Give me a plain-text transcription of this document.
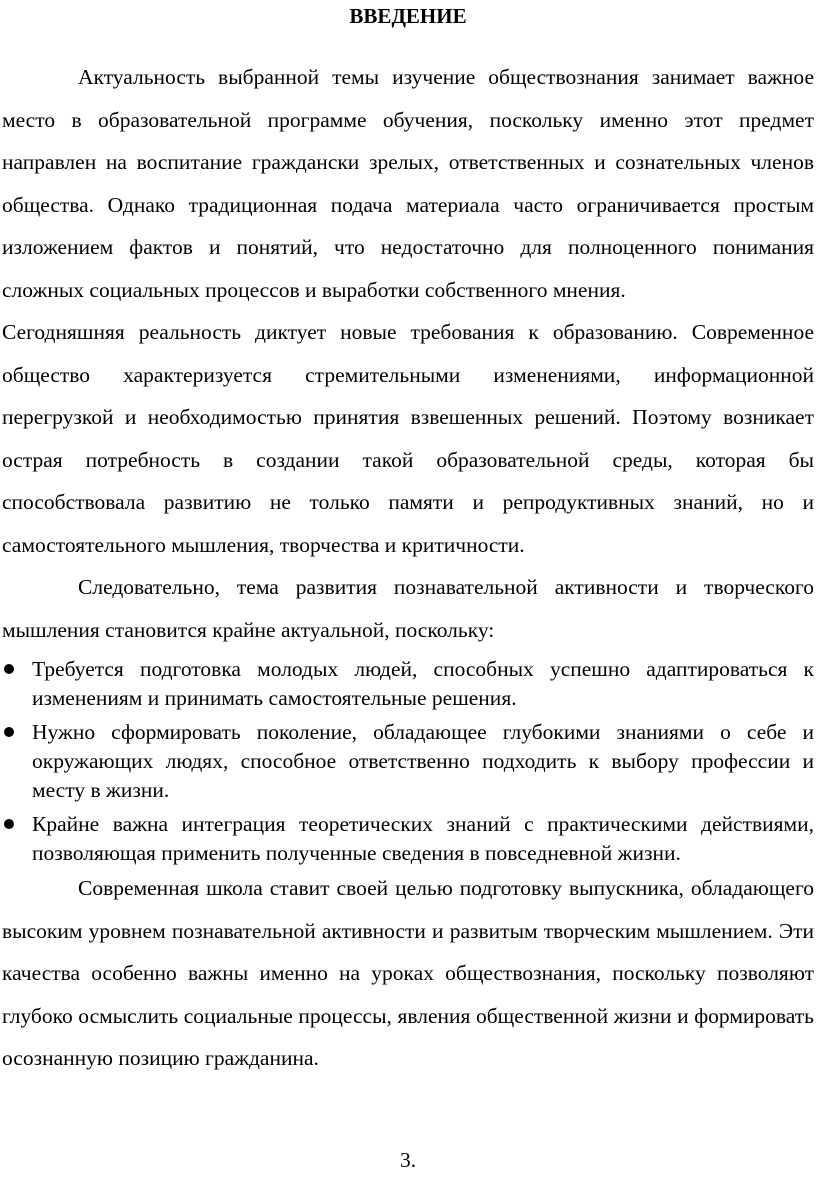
ВВЕДЕНИЕ

Актуальность выбранной темы изучение обществознания занимает важное место в образовательной программе обучения, поскольку именно этот предмет направлен на воспитание граждански зрелых, ответственных и сознательных членов общества. Однако традиционная подача материала часто ограничивается простым изложением фактов и понятий, что недостаточно для полноценного понимания сложных социальных процессов и выработки собственного мнения.

Сегодняшняя реальность диктует новые требования к образованию. Современное общество характеризуется стремительными изменениями, информационной перегрузкой и необходимостью принятия взвешенных решений. Поэтому возникает острая потребность в создании такой образовательной среды, которая бы способствовала развитию не только памяти и репродуктивных знаний, но и самостоятельного мышления, творчества и критичности.

Следовательно, тема развития познавательной активности и творческого мышления становится крайне актуальной, поскольку:

Требуется подготовка молодых людей, способных успешно адаптироваться к изменениям и принимать самостоятельные решения.
Нужно сформировать поколение, обладающее глубокими знаниями о себе и окружающих людях, способное ответственно подходить к выбору профессии и месту в жизни.
Крайне важна интеграция теоретических знаний с практическими действиями, позволяющая применить полученные сведения в повседневной жизни.

Современная школа ставит своей целью подготовку выпускника, обладающего высоким уровнем познавательной активности и развитым творческим мышлением. Эти качества особенно важны именно на уроках обществознания, поскольку позволяют глубоко осмыслить социальные процессы, явления общественной жизни и формировать осознанную позицию гражданина.

3.
